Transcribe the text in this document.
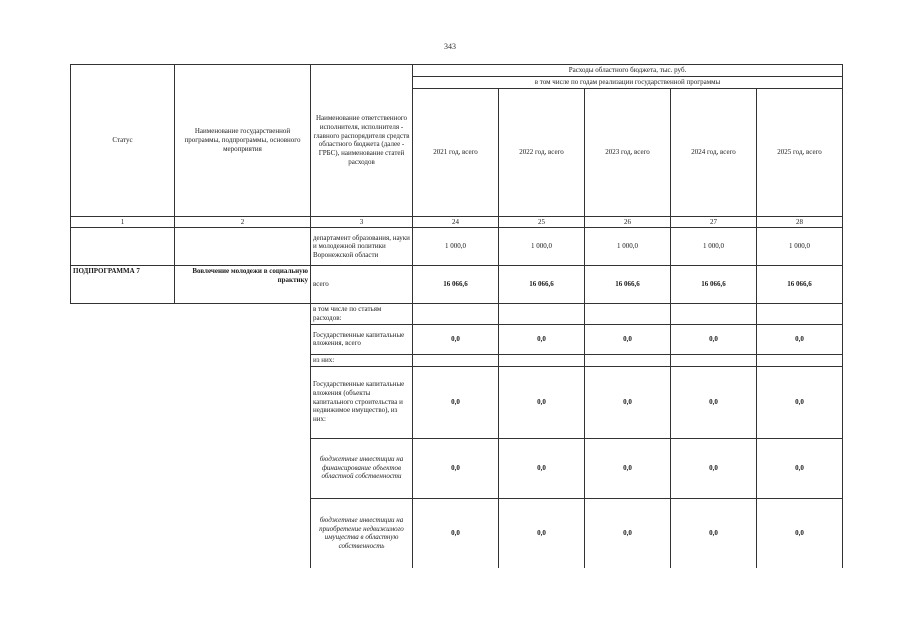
343
Статус	Наименование государственной программы, подпрограммы, основного мероприятия	Наименование ответственного исполнителя, исполнителя - главного распорядителя средств областного бюджета (далее - ГРБС), наименование статей расходов	Расходы областного бюджета, тыс. руб.				
			в том числе по годам реализации государственной программы				
			2021 год, всего	2022 год, всего	2023 год, всего	2024 год, всего	2025 год, всего
1	2	3	24	25	26	27	28
		департамент образования, науки и молодежной политики Воронежской области	1 000,0	1 000,0	1 000,0	1 000,0	1 000,0
ПОДПРОГРАММА 7	Вовлечение молодежи в социальную практику	всего	16 066,6	16 066,6	16 066,6	16 066,6	16 066,6
		в том числе по статьям расходов:					
		Государственные капитальные вложения, всего	0,0	0,0	0,0	0,0	0,0
		из них:					
		Государственные капитальные вложения (объекты капитального строительства и недвижимое имущество), из них:	0,0	0,0	0,0	0,0	0,0
		бюджетные инвестиции на финансирование объектов областной собственности	0,0	0,0	0,0	0,0	0,0
		бюджетные инвестиции на приобретение недвижимого имущества в областную собственность	0,0	0,0	0,0	0,0	0,0
